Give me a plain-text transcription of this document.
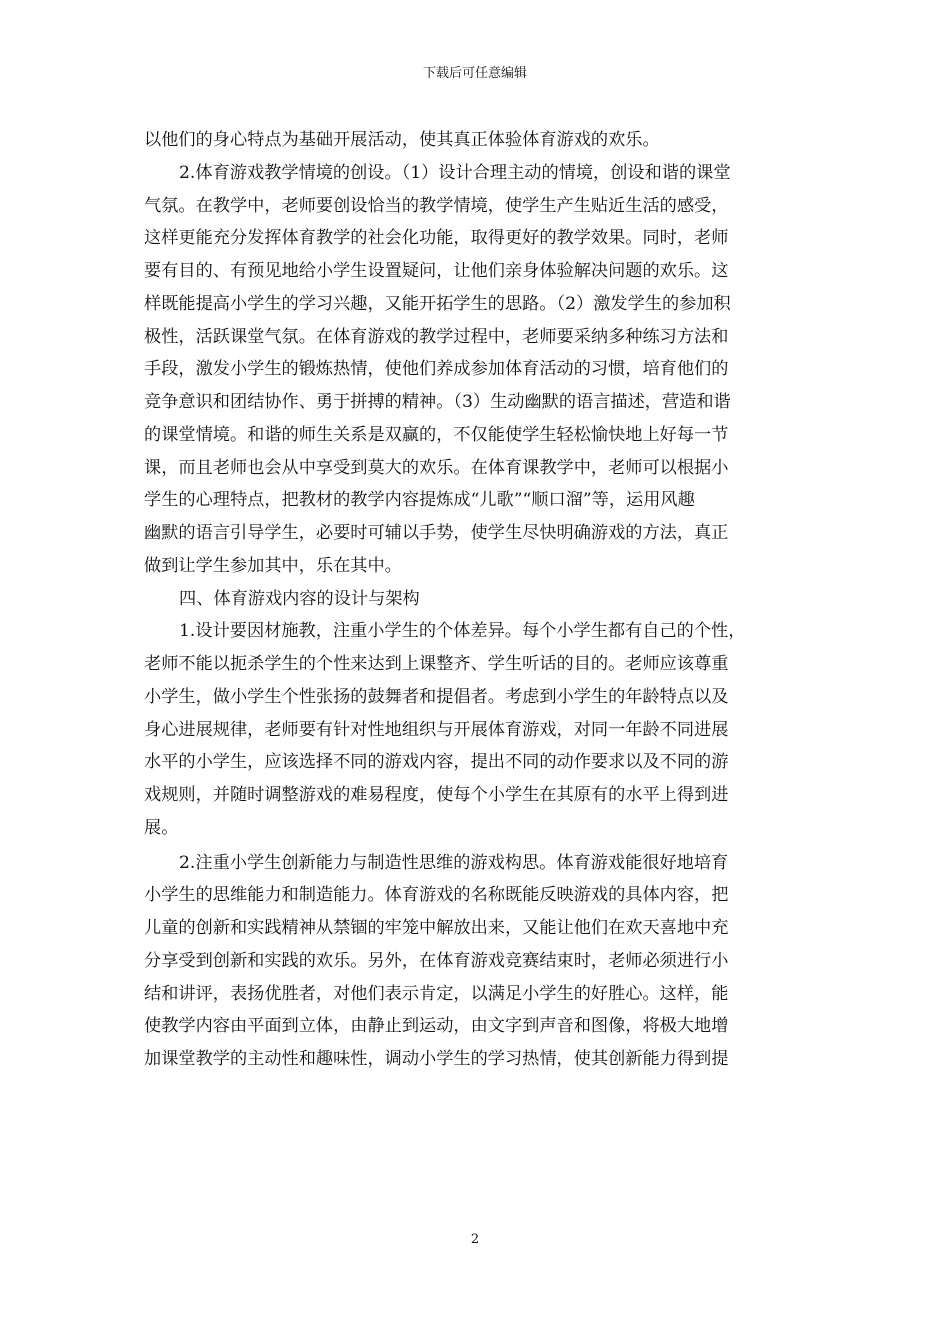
下载后可任意编辑
以他们的身心特点为基础开展活动，使其真正体验体育游戏的欢乐。
2.体育游戏教学情境的创设。（1）设计合理主动的情境，创设和谐的课堂
气氛。在教学中，老师要创设恰当的教学情境，使学生产生贴近生活的感受，
这样更能充分发挥体育教学的社会化功能，取得更好的教学效果。同时，老师
要有目的、有预见地给小学生设置疑问，让他们亲身体验解决问题的欢乐。这
样既能提高小学生的学习兴趣，又能开拓学生的思路。（2）激发学生的参加积
极性，活跃课堂气氛。在体育游戏的教学过程中，老师要采纳多种练习方法和
手段，激发小学生的锻炼热情，使他们养成参加体育活动的习惯，培育他们的
竞争意识和团结协作、勇于拼搏的精神。（3）生动幽默的语言描述，营造和谐
的课堂情境。和谐的师生关系是双赢的，不仅能使学生轻松愉快地上好每一节
课，而且老师也会从中享受到莫大的欢乐。在体育课教学中，老师可以根据小
学生的心理特点，把教材的教学内容提炼成“儿歌”“顺口溜”等，运用风趣
幽默的语言引导学生，必要时可辅以手势，使学生尽快明确游戏的方法，真正
做到让学生参加其中，乐在其中。
四、体育游戏内容的设计与架构
1.设计要因材施教，注重小学生的个体差异。每个小学生都有自己的个性，
老师不能以扼杀学生的个性来达到上课整齐、学生听话的目的。老师应该尊重
小学生，做小学生个性张扬的鼓舞者和提倡者。考虑到小学生的年龄特点以及
身心进展规律，老师要有针对性地组织与开展体育游戏，对同一年龄不同进展
水平的小学生，应该选择不同的游戏内容，提出不同的动作要求以及不同的游
戏规则，并随时调整游戏的难易程度，使每个小学生在其原有的水平上得到进
展。
2.注重小学生创新能力与制造性思维的游戏构思。体育游戏能很好地培育
小学生的思维能力和制造能力。体育游戏的名称既能反映游戏的具体内容，把
儿童的创新和实践精神从禁锢的牢笼中解放出来，又能让他们在欢天喜地中充
分享受到创新和实践的欢乐。另外，在体育游戏竞赛结束时，老师必须进行小
结和讲评，表扬优胜者，对他们表示肯定，以满足小学生的好胜心。这样，能
使教学内容由平面到立体，由静止到运动，由文字到声音和图像，将极大地增
加课堂教学的主动性和趣味性，调动小学生的学习热情，使其创新能力得到提
2
